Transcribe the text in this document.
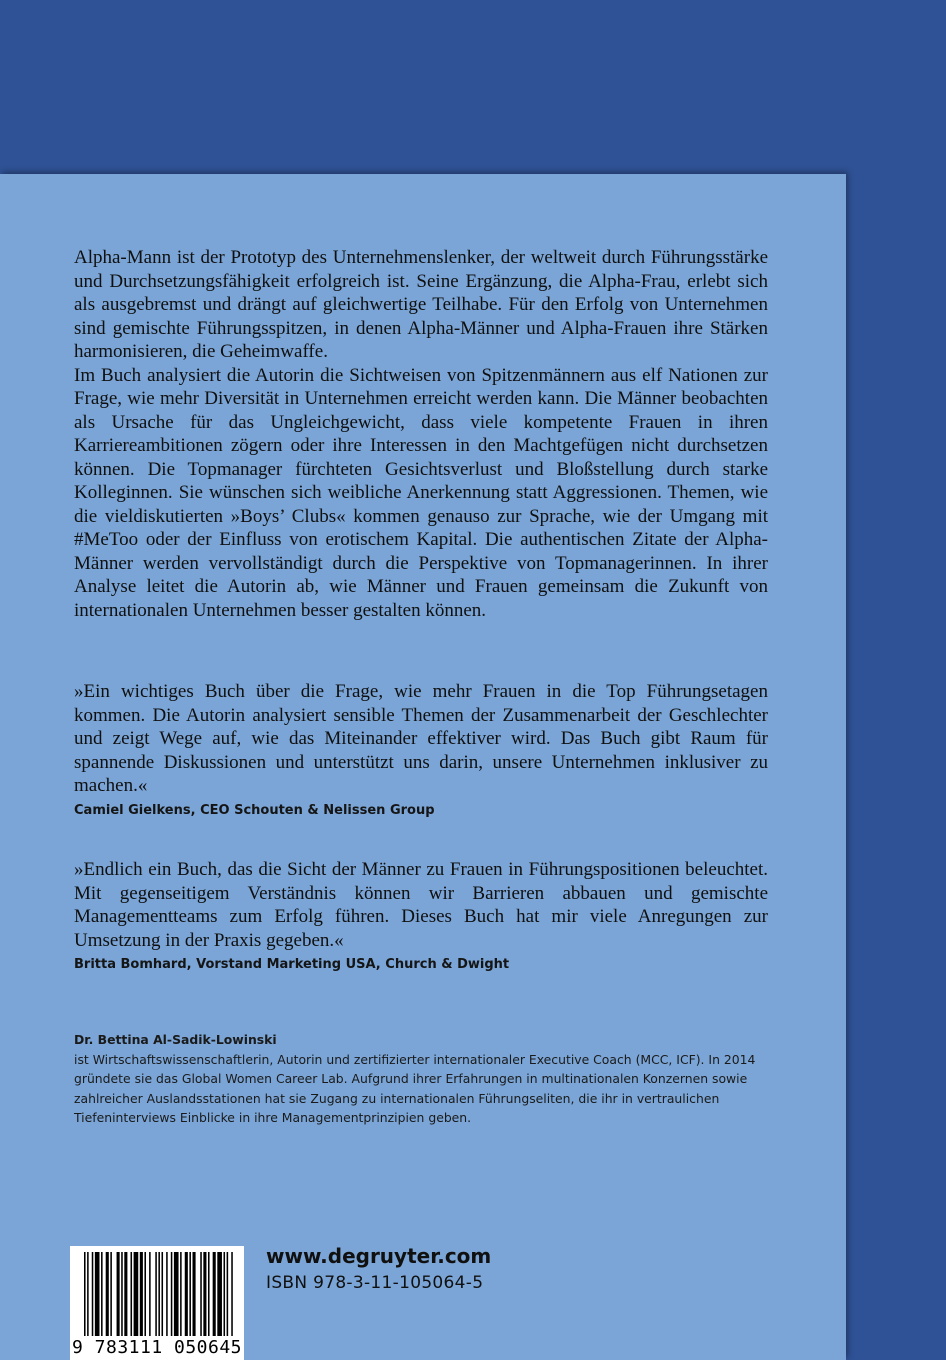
Alpha-Mann ist der Prototyp des Unternehmenslenker, der weltweit durch Führungsstärke und Durchsetzungsfähigkeit erfolgreich ist. Seine Ergänzung, die Alpha-Frau, erlebt sich als ausgebremst und drängt auf gleichwertige Teilhabe. Für den Erfolg von Unternehmen sind gemischte Führungsspitzen, in denen Alpha-Männer und Alpha-Frauen ihre Stärken harmonisieren, die Geheimwaffe.

Im Buch analysiert die Autorin die Sichtweisen von Spitzenmännern aus elf Nationen zur Frage, wie mehr Diversität in Unternehmen erreicht werden kann. Die Männer beobachten als Ursache für das Ungleichgewicht, dass viele kompetente Frauen in ihren Karriereambitionen zögern oder ihre Interessen in den Machtgefügen nicht durchsetzen können. Die Topmanager fürchteten Gesichtsverlust und Bloßstellung durch starke Kolleginnen. Sie wünschen sich weibliche Anerkennung statt Aggressionen. Themen, wie die vieldiskutierten »Boys’ Clubs« kommen genauso zur Sprache, wie der Umgang mit #MeToo oder der Einfluss von erotischem Kapital. Die authentischen Zitate der Alpha-Männer werden vervollständigt durch die Perspektive von Topmanagerinnen. In ihrer Analyse leitet die Autorin ab, wie Männer und Frauen gemeinsam die Zukunft von internationalen Unternehmen besser gestalten können.

»Ein wichtiges Buch über die Frage, wie mehr Frauen in die Top Führungsetagen kommen. Die Autorin analysiert sensible Themen der Zusammenarbeit der Geschlechter und zeigt Wege auf, wie das Miteinander effektiver wird. Das Buch gibt Raum für spannende Diskussionen und unterstützt uns darin, unsere Unternehmen inklusiver zu machen.«

Camiel Gielkens, CEO Schouten & Nelissen Group

»Endlich ein Buch, das die Sicht der Männer zu Frauen in Führungspositionen beleuchtet. Mit gegenseitigem Verständnis können wir Barrieren abbauen und gemischte Managementteams zum Erfolg führen. Dieses Buch hat mir viele Anregungen zur Umsetzung in der Praxis gegeben.«

Britta Bomhard, Vorstand Marketing USA, Church & Dwight
Dr. Bettina Al-Sadik-Lowinski
ist Wirtschaftswissenschaftlerin, Autorin und zertifizierter internationaler Executive Coach (MCC, ICF). In 2014 gründete sie das Global Women Career Lab. Aufgrund ihrer Erfahrungen in multinationalen Konzernen sowie zahlreicher Auslandsstationen hat sie Zugang zu internationalen Führungseliten, die ihr in vertraulichen Tiefeninterviews Einblicke in ihre Managementprinzipien geben.
9 783111 050645
www.degruyter.com
ISBN 978-3-11-105064-5
